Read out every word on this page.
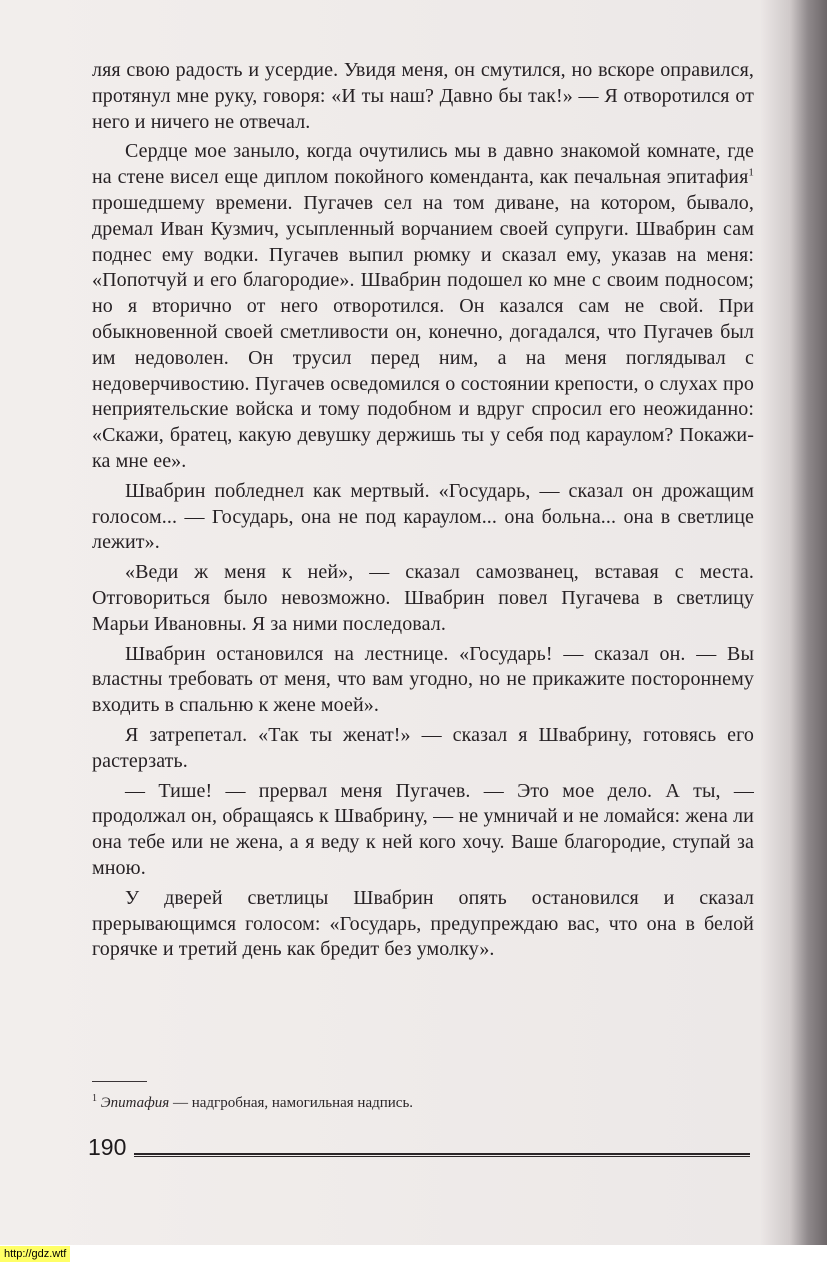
ляя свою радость и усердие. Увидя меня, он смутился, но вскоре оправился, протянул мне руку, говоря: «И ты наш? Давно бы так!» — Я отворотился от него и ничего не отвечал.

Сердце мое заныло, когда очутились мы в давно знакомой комнате, где на стене висел еще диплом покойного коменданта, как печальная эпитафия$^1$ прошедшему времени. Пугачев сел на том диване, на котором, бывало, дремал Иван Кузмич, усыпленный ворчанием своей супруги. Швабрин сам поднес ему водки. Пугачев выпил рюмку и сказал ему, указав на меня: «Попотчуй и его благородие». Швабрин подошел ко мне с своим подносом; но я вторично от него отворотился. Он казался сам не свой. При обыкновенной своей сметливости он, конечно, догадался, что Пугачев был им недоволен. Он трусил перед ним, а на меня поглядывал с недоверчивостию. Пугачев осведомился о состоянии крепости, о слухах про неприятельские войска и тому подобном и вдруг спросил его неожиданно: «Скажи, братец, какую девушку держишь ты у себя под караулом? Покажи-ка мне ее».

Швабрин побледнел как мертвый. «Государь, — сказал он дрожащим голосом... — Государь, она не под караулом... она больна... она в светлице лежит».

«Веди ж меня к ней», — сказал самозванец, вставая с места. Отговориться было невозможно. Швабрин повел Пугачева в светлицу Марьи Ивановны. Я за ними последовал.

Швабрин остановился на лестнице. «Государь! — сказал он. — Вы властны требовать от меня, что вам угодно, но не прикажите постороннему входить в спальню к жене моей».

Я затрепетал. «Так ты женат!» — сказал я Швабрину, готовясь его растерзать.

— Тише! — прервал меня Пугачев. — Это мое дело. А ты, — продолжал он, обращаясь к Швабрину, — не умничай и не ломайся: жена ли она тебе или не жена, а я веду к ней кого хочу. Ваше благородие, ступай за мною.

У дверей светлицы Швабрин опять остановился и сказал прерывающимся голосом: «Государь, предупреждаю вас, что она в белой горячке и третий день как бредит без умолку».

$^1$ Эпитафия — надгробная, намогильная надпись.
190
http://gdz.wtf
